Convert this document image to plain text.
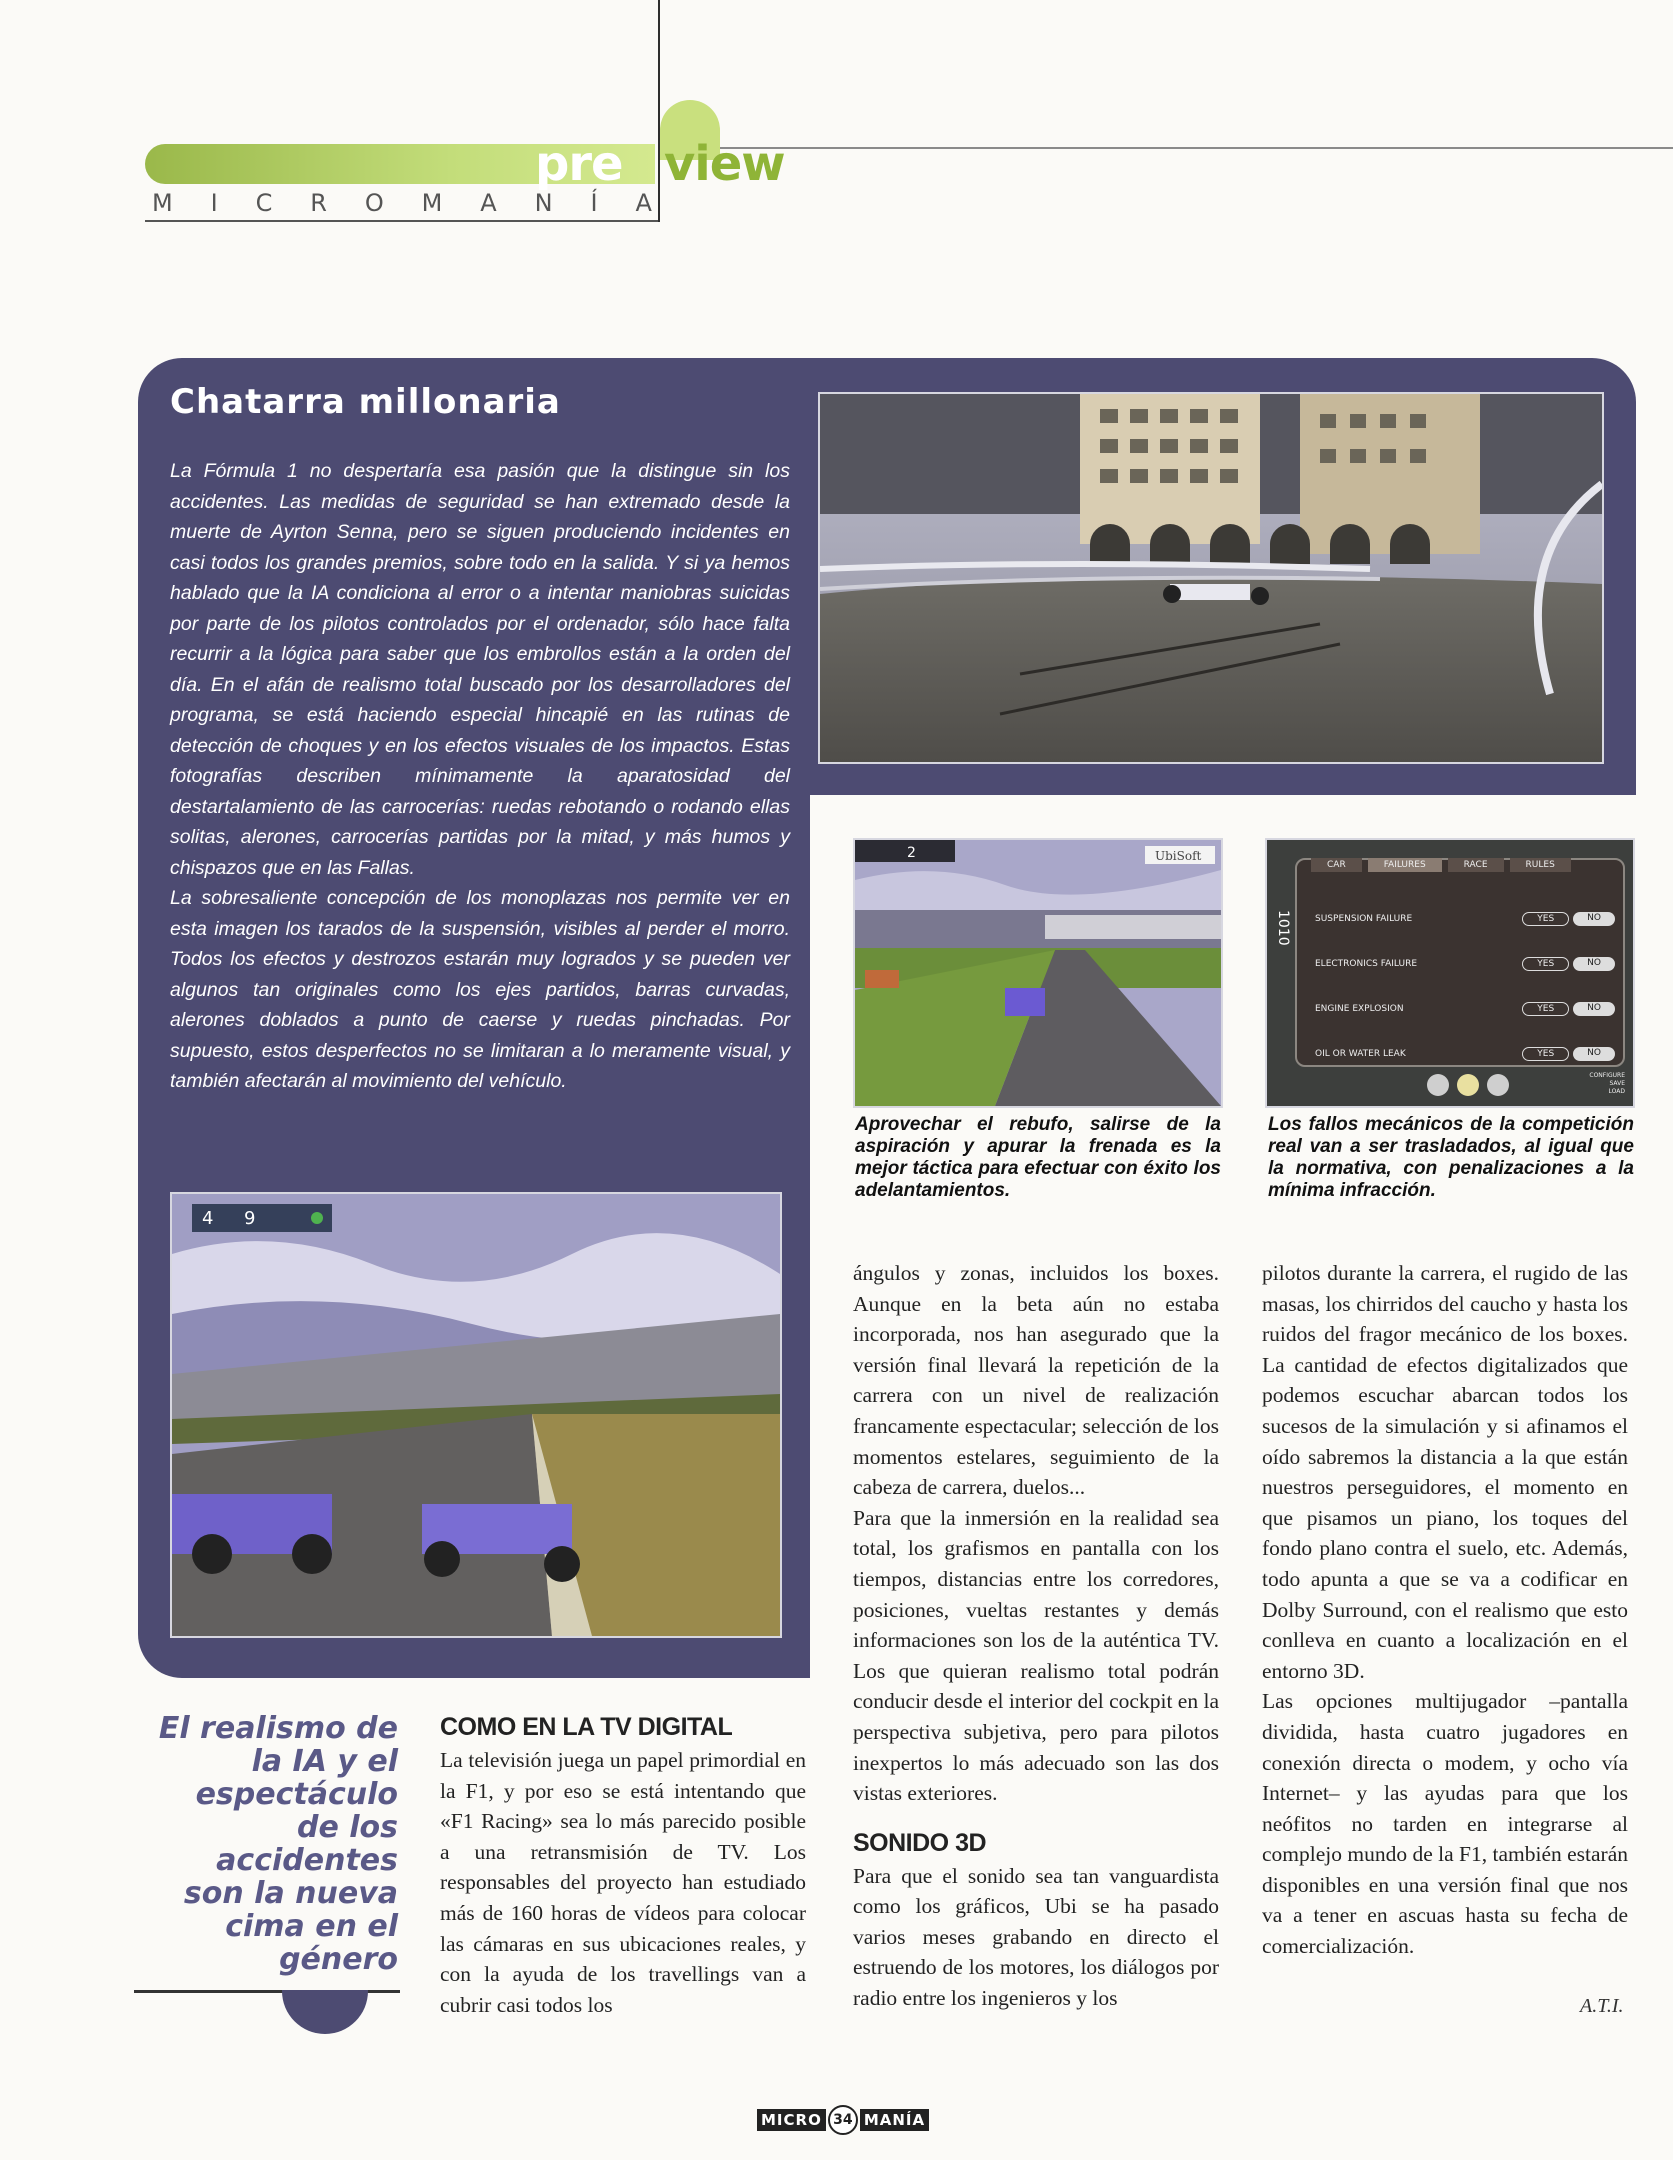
pre view
M I C R O M A N Í A
Chatarra millonaria

La Fórmula 1 no despertaría esa pasión que la distingue sin los accidentes. Las medidas de seguridad se han extremado desde la muerte de Ayrton Senna, pero se siguen produciendo incidentes en casi todos los grandes premios, sobre todo en la salida. Y si ya hemos hablado que la IA condiciona al error o a intentar maniobras suicidas por parte de los pilotos controlados por el ordenador, sólo hace falta recurrir a la lógica para saber que los embrollos están a la orden del día. En el afán de realismo total buscado por los desarrolladores del programa, se está haciendo especial hincapié en las rutinas de detección de choques y en los efectos visuales de los impactos. Estas fotografías describen mínimamente la aparatosidad del destartalamiento de las carrocerías: ruedas rebotando o rodando ellas solitas, alerones, carrocerías partidas por la mitad, y más humos y chispazos que en las Fallas.

La sobresaliente concepción de los monoplazas nos permite ver en esta imagen los tarados de la suspensión, visibles al perder el morro. Todos los efectos y destrozos estarán muy logrados y se pueden ver algunos tan originales como los ejes partidos, barras curvadas, alerones doblados a punto de caerse y ruedas pinchadas. Por supuesto, estos desperfectos no se limitaran a lo meramente visual, y también afectarán al movimiento del vehículo.

2	UbiSoft
CAR	FAILURES	RACE	RULES
1010	SUSPENSION FAILURE	YES	NO
ELECTRONICS FAILURE	YES	NO
ENGINE EXPLOSION	YES	NO
OIL OR WATER LEAK	YES	NO
CONFIGURE
SAVE
LOAD
Aprovechar el rebufo, salirse de la aspiración y apurar la frenada es la mejor táctica para efectuar con éxito los adelantamientos.
Los fallos mecánicos de la competición real van a ser trasladados, al igual que la normativa, con penalizaciones a la mínima infracción.
4 9
El realismo de la IA y el espectáculo de los accidentes son la nueva cima en el género
COMO EN LA TV DIGITAL

La televisión juega un papel primordial en la F1, y por eso se está intentando que «F1 Racing» sea lo más parecido posible a una retransmisión de TV. Los responsables del proyecto han estudiado más de 160 horas de vídeos para colocar las cámaras en sus ubicaciones reales, y con la ayuda de los travellings van a cubrir casi todos los

ángulos y zonas, incluidos los boxes. Aunque en la beta aún no estaba incorporada, nos han asegurado que la versión final llevará la repetición de la carrera con un nivel de realización francamente espectacular; selección de los momentos estelares, seguimiento de la cabeza de carrera, duelos...

Para que la inmersión en la realidad sea total, los grafismos en pantalla con los tiempos, distancias entre los corredores, posiciones, vueltas restantes y demás informaciones son los de la auténtica TV. Los que quieran realismo total podrán conducir desde el interior del cockpit en la perspectiva subjetiva, pero para pilotos inexpertos lo más adecuado son las dos vistas exteriores.

SONIDO 3D

Para que el sonido sea tan vanguardista como los gráficos, Ubi se ha pasado varios meses grabando en directo el estruendo de los motores, los diálogos por radio entre los ingenieros y los

pilotos durante la carrera, el rugido de las masas, los chirridos del caucho y hasta los ruidos del fragor mecánico de los boxes. La cantidad de efectos digitalizados que podemos escuchar abarcan todos los sucesos de la simulación y si afinamos el oído sabremos la distancia a la que están nuestros perseguidores, el momento en que pisamos un piano, los toques del fondo plano contra el suelo, etc. Además, todo apunta a que se va a codificar en Dolby Surround, con el realismo que esto conlleva en cuanto a localización en el entorno 3D.

Las opciones multijugador –pantalla dividida, hasta cuatro jugadores en conexión directa o modem, y ocho vía Internet– y las ayudas para que los neófitos no tarden en integrarse al complejo mundo de la F1, también estarán disponibles en una versión final que nos va a tener en ascuas hasta su fecha de comercialización.

A.T.I.
MICRO 34 MANÍA
